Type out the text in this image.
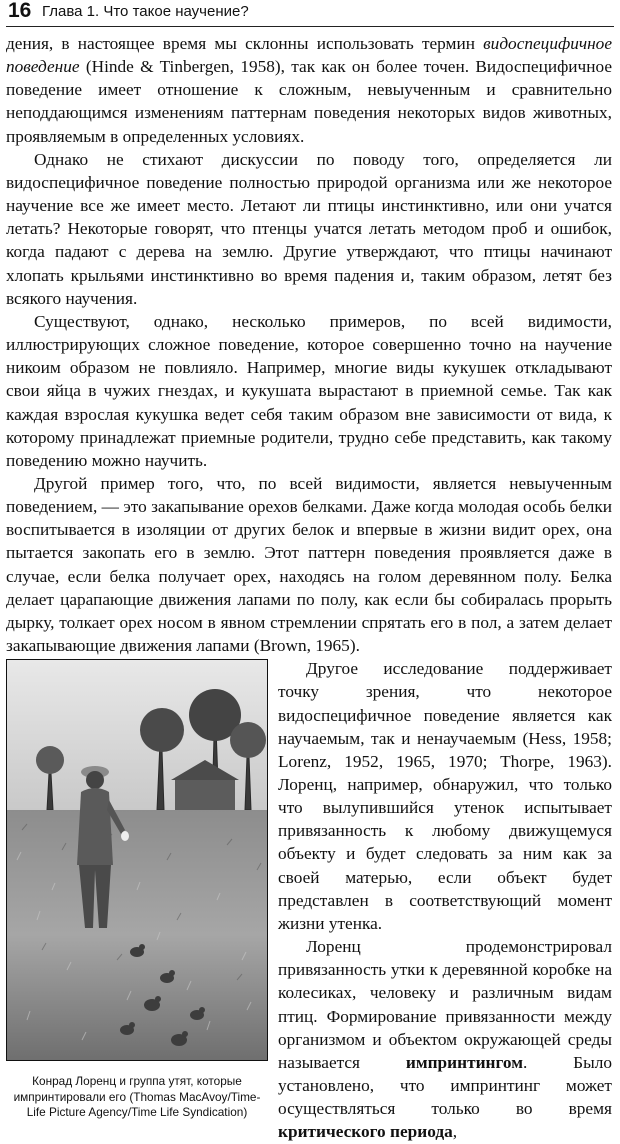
16 Глава 1. Что такое научение?

дения, в настоящее время мы склонны использовать термин видоспецифичное поведение (Hinde & Tinbergen, 1958), так как он более точен. Видоспецифичное поведение имеет отношение к сложным, невыученным и сравнительно неподдающимся изменениям паттернам поведения некоторых видов животных, проявляемым в определенных условиях.

Однако не стихают дискуссии по поводу того, определяется ли видоспецифичное поведение полностью природой организма или же некоторое научение все же имеет место. Летают ли птицы инстинктивно, или они учатся летать? Некоторые говорят, что птенцы учатся летать методом проб и ошибок, когда падают с дерева на землю. Другие утверждают, что птицы начинают хлопать крыльями инстинктивно во время падения и, таким образом, летят без всякого научения.

Существуют, однако, несколько примеров, по всей видимости, иллюстрирующих сложное поведение, которое совершенно точно на научение никоим образом не повлияло. Например, многие виды кукушек откладывают свои яйца в чужих гнездах, и кукушата вырастают в приемной семье. Так как каждая взрослая кукушка ведет себя таким образом вне зависимости от вида, к которому принадлежат приемные родители, трудно себе представить, как такому поведению можно научить.

Другой пример того, что, по всей видимости, является невыученным поведением, — это закапывание орехов белками. Даже когда молодая особь белки воспитывается в изоляции от других белок и впервые в жизни видит орех, она пытается закопать его в землю. Этот паттерн поведения проявляется даже в случае, если белка получает орех, находясь на голом деревянном полу. Белка делает царапающие движения лапами по полу, как если бы собиралась прорыть дырку, толкает орех носом в явном стремлении спрятать его в пол, а затем делает закапывающие движения лапами (Brown, 1965).

Конрад Лоренц и группа утят, которые импринтировали его (Thomas MacAvoy/Time-Life Picture Agency/Time Life Syndication)

Другое исследование поддерживает точку зрения, что некоторое видоспецифичное поведение является как научаемым, так и ненаучаемым (Hess, 1958; Lorenz, 1952, 1965, 1970; Thorpe, 1963). Лоренц, например, обнаружил, что только что вылупившийся утенок испытывает привязанность к любому движущемуся объекту и будет следовать за ним как за своей матерью, если объект будет представлен в соответствующий момент жизни утенка.

Лоренц продемонстрировал привязанность утки к деревянной коробке на колесиках, человеку и различным видам птиц. Формирование привязанности между организмом и объектом окружающей среды называется импринтингом. Было установлено, что импринтинг может осуществляться только во время критического периода,
